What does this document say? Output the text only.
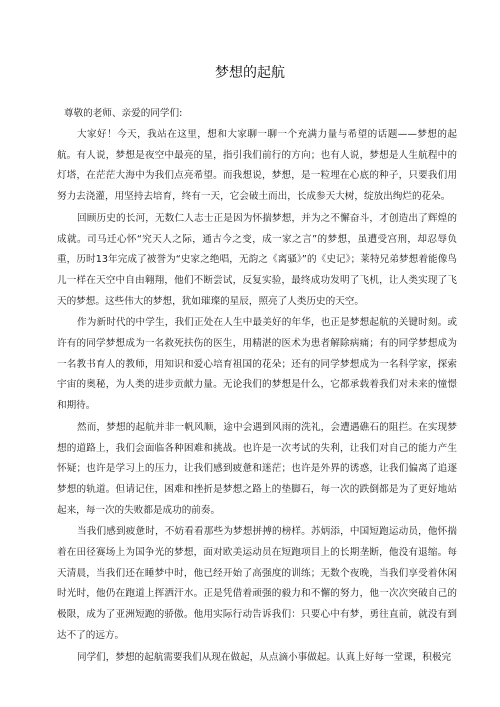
梦想的起航

尊敬的老师、亲爱的同学们:

大家好！今天，我站在这里，想和大家聊一聊一个充满力量与希望的话题——梦想的起航。有人说，梦想是夜空中最亮的星，指引我们前行的方向；也有人说，梦想是人生航程中的灯塔，在茫茫大海中为我们点亮希望。而我想说，梦想，是一粒埋在心底的种子，只要我们用努力去浇灌，用坚持去培育，终有一天，它会破土而出，长成参天大树，绽放出绚烂的花朵。

回顾历史的长河，无数仁人志士正是因为怀揣梦想，并为之不懈奋斗，才创造出了辉煌的成就。司马迁心怀“究天人之际，通古今之变，成一家之言”的梦想，虽遭受宫刑，却忍辱负重，历时13年完成了被誉为“史家之绝唱，无韵之《离骚》”的《史记》；莱特兄弟梦想着能像鸟儿一样在天空中自由翱翔，他们不断尝试，反复实验，最终成功发明了飞机，让人类实现了飞天的梦想。这些伟大的梦想，犹如璀璨的星辰，照亮了人类历史的天空。

作为新时代的中学生，我们正处在人生中最美好的年华，也正是梦想起航的关键时刻。或许有的同学梦想成为一名救死扶伤的医生，用精湛的医术为患者解除病痛；有的同学梦想成为一名教书育人的教师，用知识和爱心培育祖国的花朵；还有的同学梦想成为一名科学家，探索宇宙的奥秘，为人类的进步贡献力量。无论我们的梦想是什么，它都承载着我们对未来的憧憬和期待。

然而，梦想的起航并非一帆风顺，途中会遇到风雨的洗礼，会遭遇礁石的阻拦。在实现梦想的道路上，我们会面临各种困难和挑战。也许是一次考试的失利，让我们对自己的能力产生怀疑；也许是学习上的压力，让我们感到疲惫和迷茫；也许是外界的诱惑，让我们偏离了追逐梦想的轨道。但请记住，困难和挫折是梦想之路上的垫脚石，每一次的跌倒都是为了更好地站起来，每一次的失败都是成功的前奏。

当我们感到疲惫时，不妨看看那些为梦想拼搏的榜样。苏炳添，中国短跑运动员，他怀揣着在田径赛场上为国争光的梦想，面对欧美运动员在短跑项目上的长期垄断，他没有退缩。每天清晨，当我们还在睡梦中时，他已经开始了高强度的训练；无数个夜晚，当我们享受着休闲时光时，他仍在跑道上挥洒汗水。正是凭借着顽强的毅力和不懈的努力，他一次次突破自己的极限，成为了亚洲短跑的骄傲。他用实际行动告诉我们：只要心中有梦，勇往直前，就没有到达不了的远方。

同学们，梦想的起航需要我们从现在做起，从点滴小事做起。认真上好每一堂课，积极完
